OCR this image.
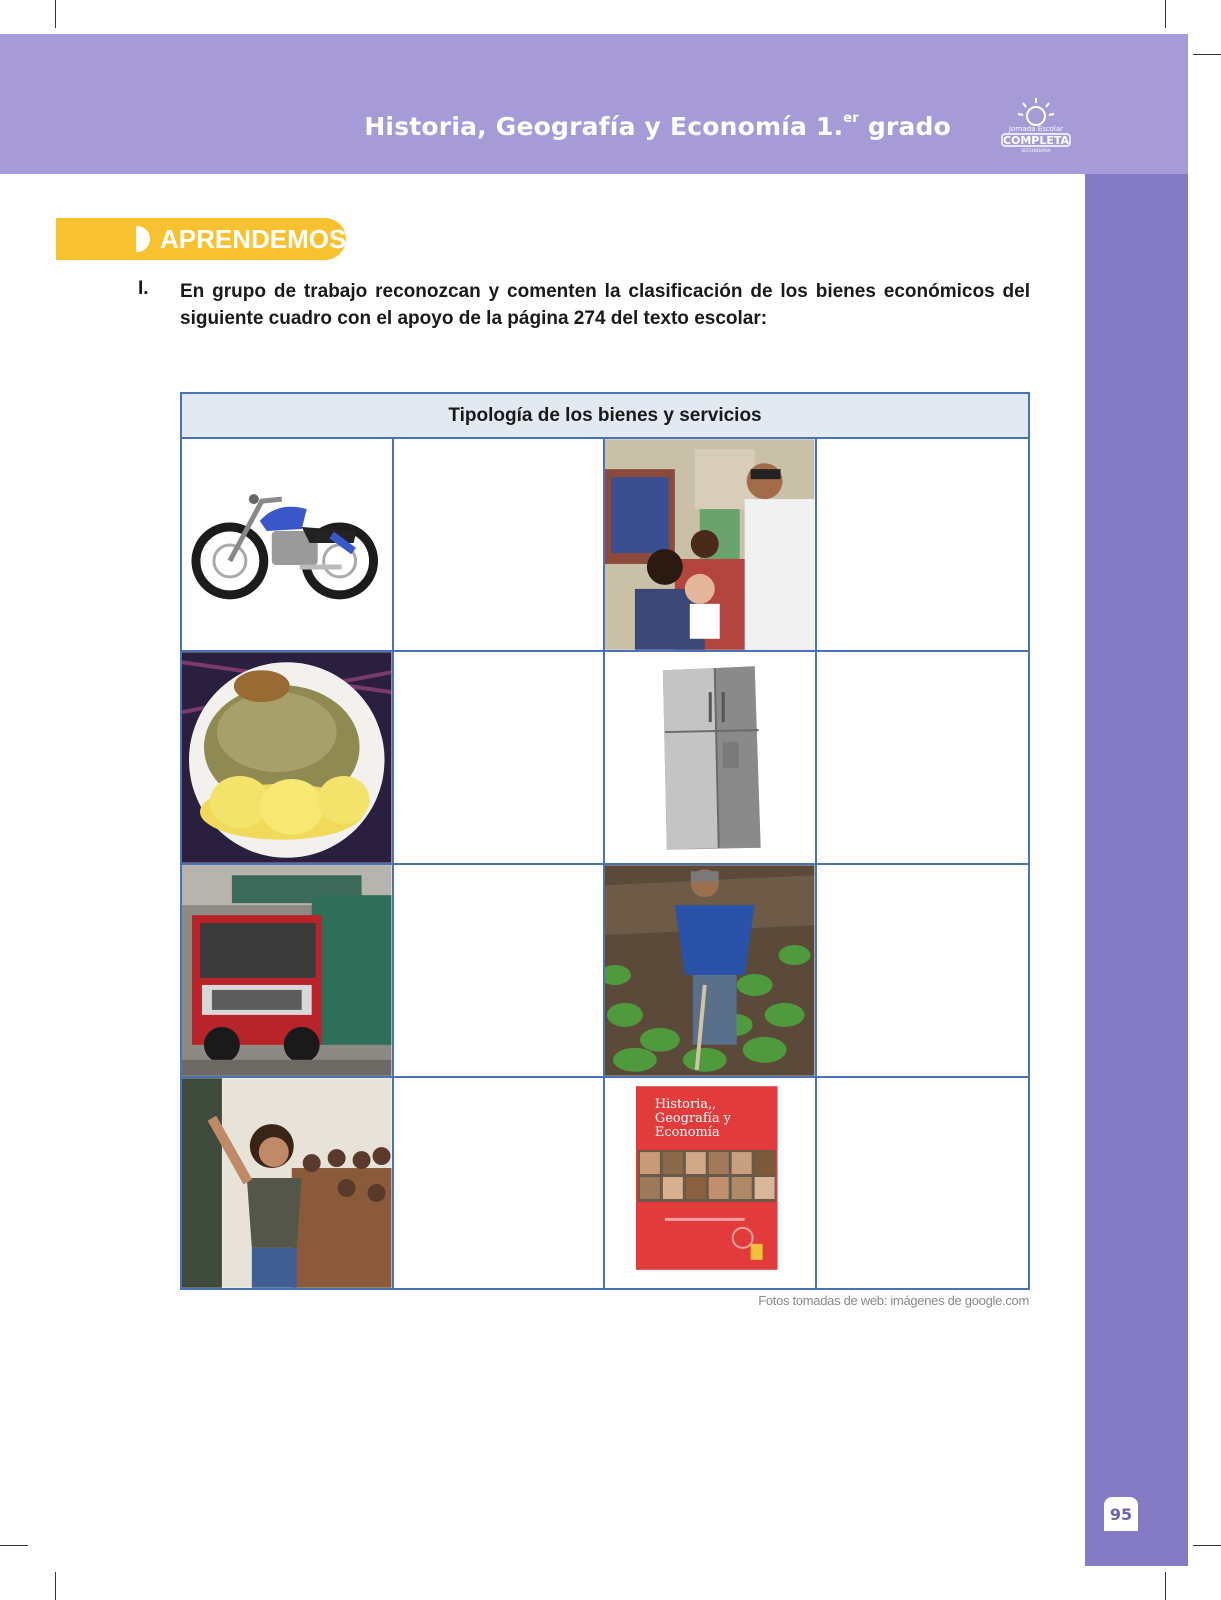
Historia, Geografía y Economía 1.$^{er}$ grado	Jornada Escolar
COMPLETA
SECUNDARIA
95
APRENDEMOS
I. En grupo de trabajo reconozcan y comenten la clasificación de los bienes económicos del siguiente cuadro con el apoyo de la página 274 del texto escolar:
Tipología de los bienes y servicios
Historia,, Geografía y Economía
Fotos tomadas de web: imágenes de google.com
